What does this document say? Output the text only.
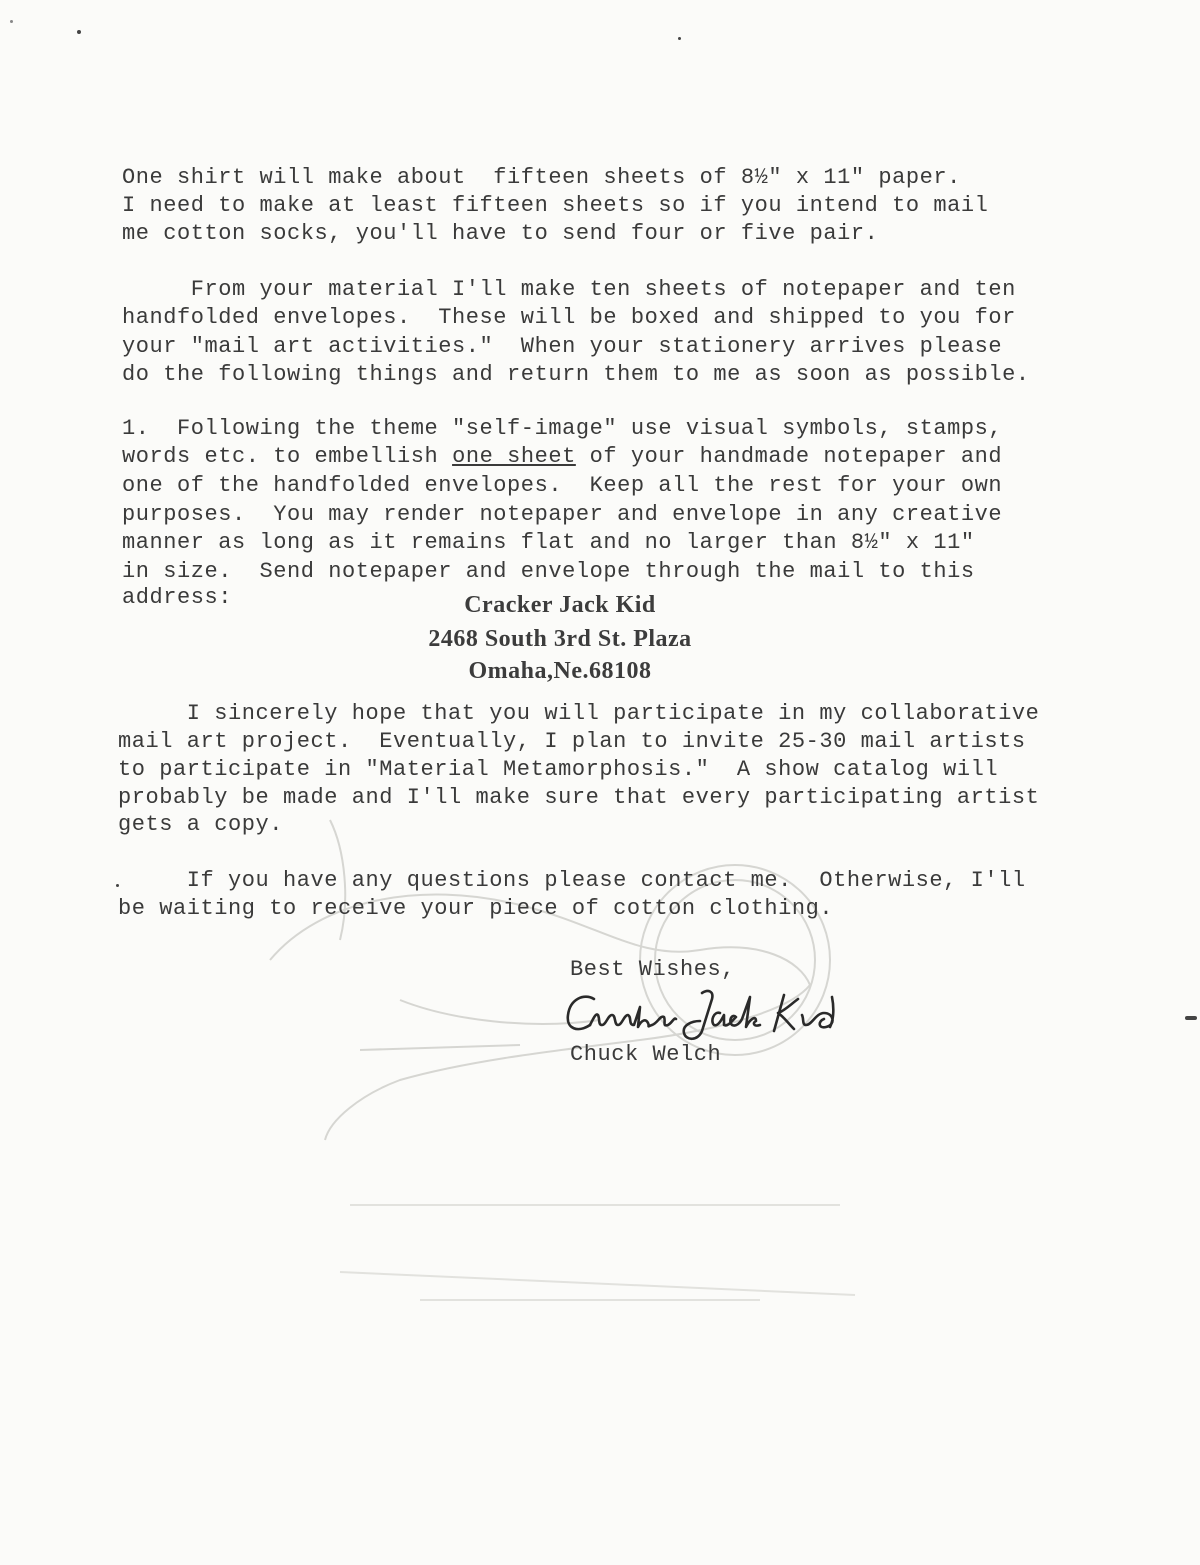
One shirt will make about  fifteen sheets of 8½" x 11" paper.
I need to make at least fifteen sheets so if you intend to mail
me cotton socks, you'll have to send four or five pair.
From your material I'll make ten sheets of notepaper and ten
handfolded envelopes.  These will be boxed and shipped to you for
your "mail art activities."  When your stationery arrives please
do the following things and return them to me as soon as possible.
1.  Following the theme "self-image" use visual symbols, stamps,
words etc. to embellish one sheet of your handmade notepaper and
one of the handfolded envelopes.  Keep all the rest for your own
purposes.  You may render notepaper and envelope in any creative
manner as long as it remains flat and no larger than 8½" x 11"
in size.  Send notepaper and envelope through the mail to this
address:	Cracker Jack Kid
2468 South 3rd St. Plaza
Omaha,Ne.68108
I sincerely hope that you will participate in my collaborative
mail art project.  Eventually, I plan to invite 25-30 mail artists
to participate in "Material Metamorphosis."  A show catalog will
probably be made and I'll make sure that every participating artist
gets a copy.
If you have any questions please contact me.  Otherwise, I'll
be waiting to receive your piece of cotton clothing.
Best Wishes,
Chuck Welch
